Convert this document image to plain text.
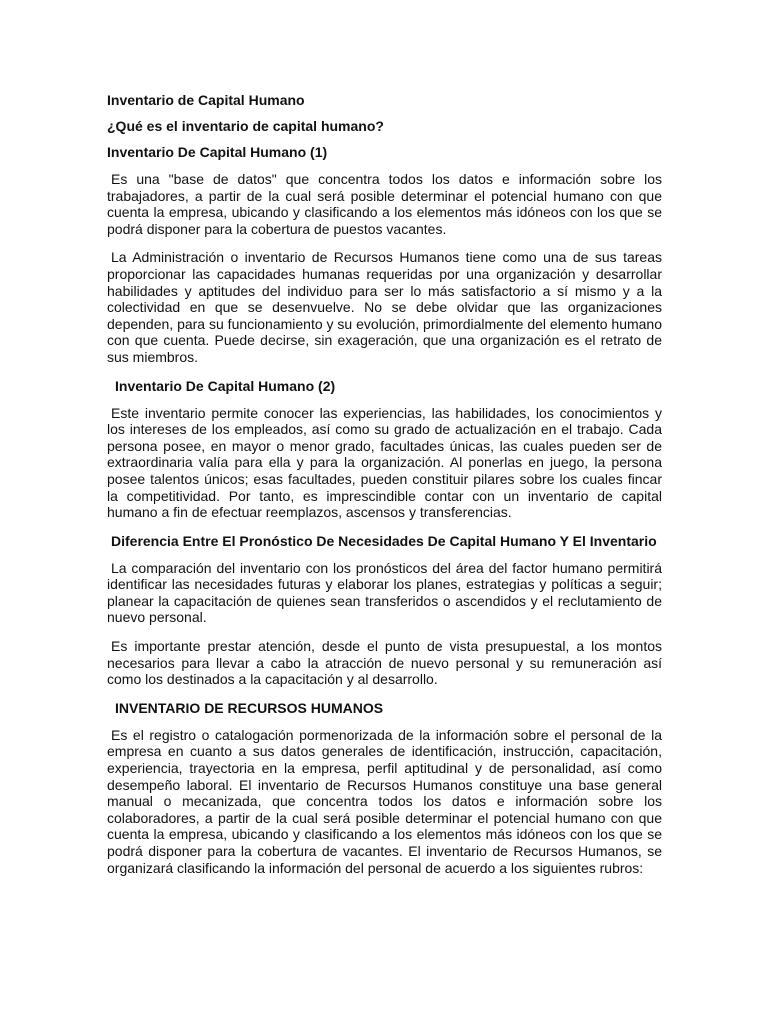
Inventario de Capital Humano
¿Qué es el inventario de capital humano?
Inventario De Capital Humano (1)

Es una "base de datos" que concentra todos los datos e información sobre los trabajadores, a partir de la cual será posible determinar el potencial humano con que cuenta la empresa, ubicando y clasificando a los elementos más idóneos con los que se podrá disponer para la cobertura de puestos vacantes.

La Administración o inventario de Recursos Humanos tiene como una de sus tareas proporcionar las capacidades humanas requeridas por una organización y desarrollar habilidades y aptitudes del individuo para ser lo más satisfactorio a sí mismo y a la colectividad en que se desenvuelve. No se debe olvidar que las organizaciones dependen, para su funcionamiento y su evolución, primordialmente del elemento humano con que cuenta. Puede decirse, sin exageración, que una organización es el retrato de sus miembros.

Inventario De Capital Humano (2)

Este inventario permite conocer las experiencias, las habilidades, los conocimientos y los intereses de los empleados, así como su grado de actualización en el trabajo. Cada persona posee, en mayor o menor grado, facultades únicas, las cuales pueden ser de extraordinaria valía para ella y para la organización. Al ponerlas en juego, la persona posee talentos únicos; esas facultades, pueden constituir pilares sobre los cuales fincar la competitividad. Por tanto, es imprescindible contar con un inventario de capital humano a fin de efectuar reemplazos, ascensos y transferencias.

Diferencia Entre El Pronóstico De Necesidades De Capital Humano Y El Inventario

La comparación del inventario con los pronósticos del área del factor humano permitirá identificar las necesidades futuras y elaborar los planes, estrategias y políticas a seguir; planear la capacitación de quienes sean transferidos o ascendidos y el reclutamiento de nuevo personal.

Es importante prestar atención, desde el punto de vista presupuestal, a los montos necesarios para llevar a cabo la atracción de nuevo personal y su remuneración así como los destinados a la capacitación y al desarrollo.

INVENTARIO DE RECURSOS HUMANOS

Es el registro o catalogación pormenorizada de la información sobre el personal de la empresa en cuanto a sus datos generales de identificación, instrucción, capacitación, experiencia, trayectoria en la empresa, perfil aptitudinal y de personalidad, así como desempeño laboral. El inventario de Recursos Humanos constituye una base general manual o mecanizada, que concentra todos los datos e información sobre los colaboradores, a partir de la cual será posible determinar el potencial humano con que cuenta la empresa, ubicando y clasificando a los elementos más idóneos con los que se podrá disponer para la cobertura de vacantes. El inventario de Recursos Humanos, se organizará clasificando la información del personal de acuerdo a los siguientes rubros:
